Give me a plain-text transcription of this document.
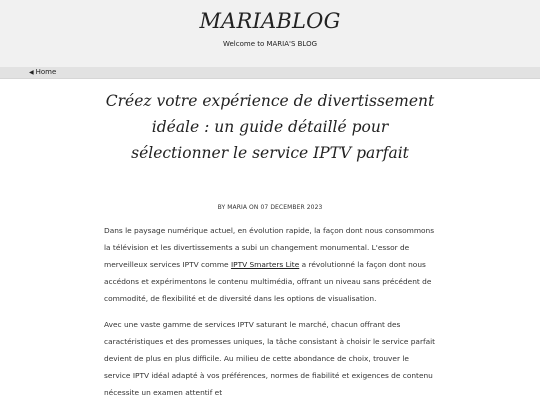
MARIABLOG
Welcome to MARIA'S BLOG
◀ Home
Créez votre expérience de divertissement idéale : un guide détaillé pour sélectionner le service IPTV parfait
BY MARIA ON 07 DECEMBER 2023

Dans le paysage numérique actuel, en évolution rapide, la façon dont nous consommons la télévision et les divertissements a subi un changement monumental. L'essor de merveilleux services IPTV comme IPTV Smarters Lite a révolutionné la façon dont nous accédons et expérimentons le contenu multimédia, offrant un niveau sans précédent de commodité, de flexibilité et de diversité dans les options de visualisation.

Avec une vaste gamme de services IPTV saturant le marché, chacun offrant des caractéristiques et des promesses uniques, la tâche consistant à choisir le service parfait devient de plus en plus difficile. Au milieu de cette abondance de choix, trouver le service IPTV idéal adapté à vos préférences, normes de fiabilité et exigences de contenu nécessite un examen attentif et
